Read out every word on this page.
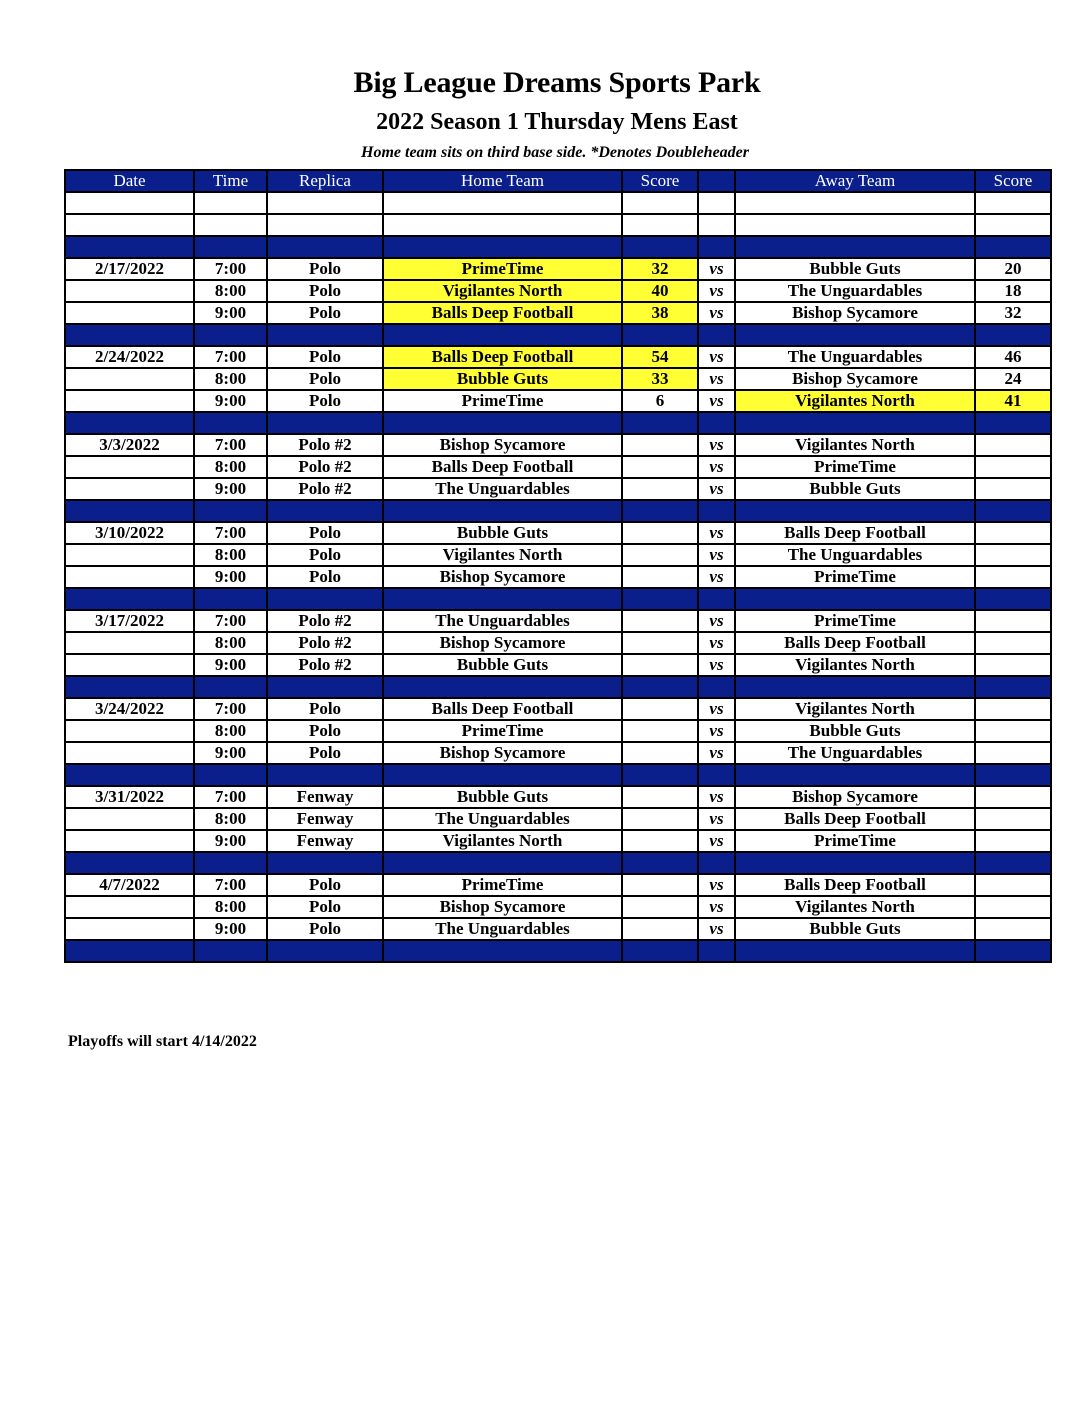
Big League Dreams Sports Park
2022 Season 1 Thursday Mens East
Home team sits on third base side. *Denotes Doubleheader
Date	Time	Replica	Home Team	Score		Away Team	Score

2/17/2022	7:00	Polo	PrimeTime	32	vs	Bubble Guts	20
	8:00	Polo	Vigilantes North	40	vs	The Unguardables	18
	9:00	Polo	Balls Deep Football	38	vs	Bishop Sycamore	32

2/24/2022	7:00	Polo	Balls Deep Football	54	vs	The Unguardables	46
	8:00	Polo	Bubble Guts	33	vs	Bishop Sycamore	24
	9:00	Polo	PrimeTime	6	vs	Vigilantes North	41

3/3/2022	7:00	Polo #2	Bishop Sycamore		vs	Vigilantes North	
	8:00	Polo #2	Balls Deep Football		vs	PrimeTime	
	9:00	Polo #2	The Unguardables		vs	Bubble Guts	

3/10/2022	7:00	Polo	Bubble Guts		vs	Balls Deep Football	
	8:00	Polo	Vigilantes North		vs	The Unguardables	
	9:00	Polo	Bishop Sycamore		vs	PrimeTime	

3/17/2022	7:00	Polo #2	The Unguardables		vs	PrimeTime	
	8:00	Polo #2	Bishop Sycamore		vs	Balls Deep Football	
	9:00	Polo #2	Bubble Guts		vs	Vigilantes North	

3/24/2022	7:00	Polo	Balls Deep Football		vs	Vigilantes North	
	8:00	Polo	PrimeTime		vs	Bubble Guts	
	9:00	Polo	Bishop Sycamore		vs	The Unguardables	

3/31/2022	7:00	Fenway	Bubble Guts		vs	Bishop Sycamore	
	8:00	Fenway	The Unguardables		vs	Balls Deep Football	
	9:00	Fenway	Vigilantes North		vs	PrimeTime	

4/7/2022	7:00	Polo	PrimeTime		vs	Balls Deep Football	
	8:00	Polo	Bishop Sycamore		vs	Vigilantes North	
	9:00	Polo	The Unguardables		vs	Bubble Guts	

Playoffs will start 4/14/2022
